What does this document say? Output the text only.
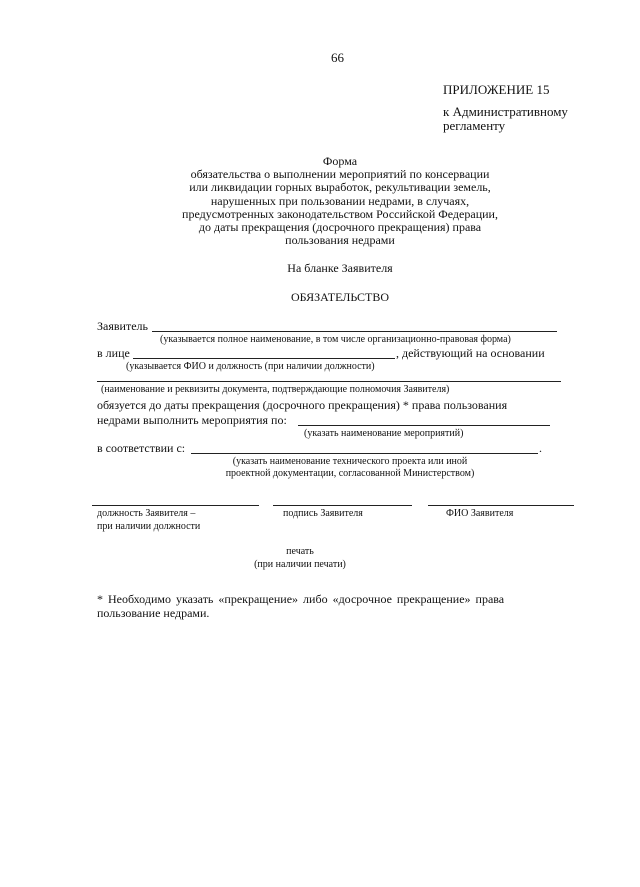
66
ПРИЛОЖЕНИЕ 15
к Административному
регламенту
Форма
обязательства о выполнении мероприятий по консервации
или ликвидации горных выработок, рекультивации земель,
нарушенных при пользовании недрами, в случаях,
предусмотренных законодательством Российской Федерации,
до даты прекращения (досрочного прекращения) права
пользования недрами
На бланке Заявителя
ОБЯЗАТЕЛЬСТВО
Заявитель
(указывается полное наименование, в том числе организационно-правовая форма)
в лице	, действующий на основании
(указывается ФИО и должность (при наличии должности)
(наименование и реквизиты документа, подтверждающие полномочия Заявителя)
обязуется до даты прекращения (досрочного прекращения) * права пользования
недрами выполнить мероприятия по:
(указать наименование мероприятий)
в соответствии с:	.
(указать наименование технического проекта или иной
проектной документации, согласованной Министерством)
должность Заявителя –
при наличии должности
подпись Заявителя	ФИО Заявителя
печать
(при наличии печати)
* Необходимо указать «прекращение» либо «досрочное прекращение» права
пользование недрами.
